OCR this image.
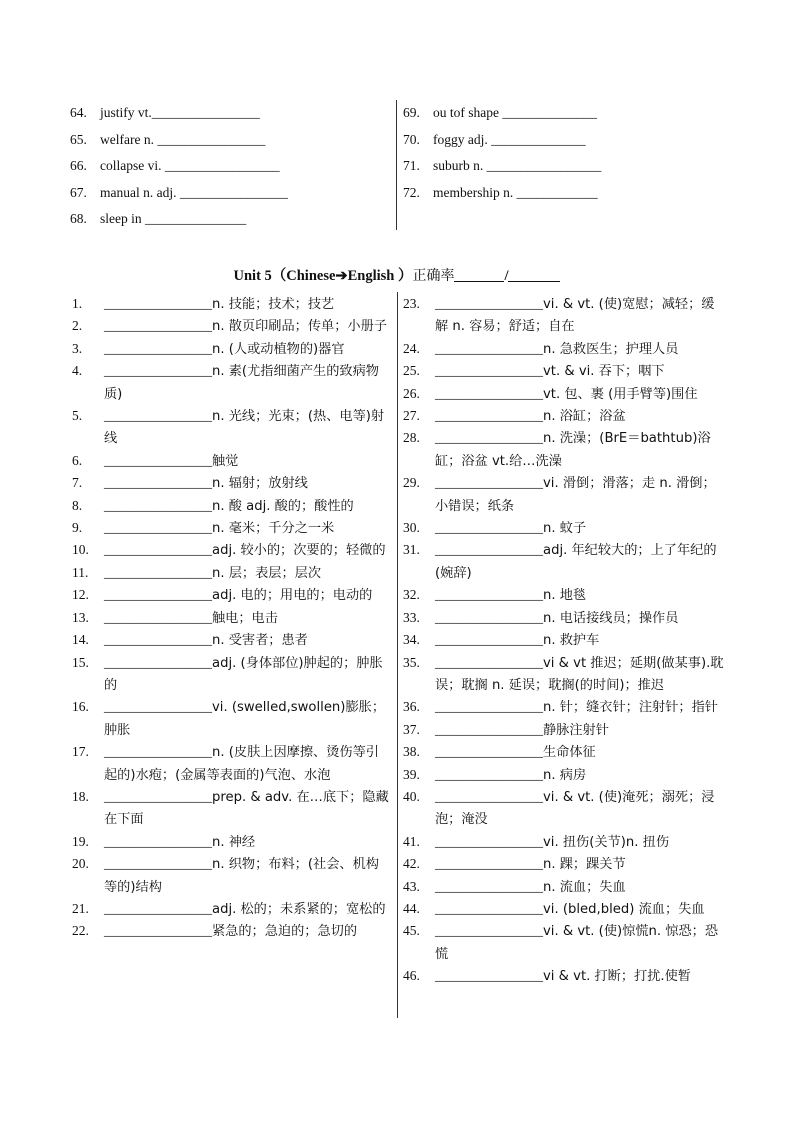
64. justify vt.________________
65. welfare n. ________________
66. collapse vi. _________________
67. manual n. adj. ________________
68. sleep in _______________
69. ou tof shape ______________
70. foggy adj. ______________
71. suburb n. _________________
72. membership n. ____________
Unit 5（Chinese➔English ）正确率	/
1. ________________n. 技能；技术；技艺
2. ________________n. 散页印刷品；传单；小册子
3. ________________n. (人或动植物的)器官
4. ________________n. 素(尤指细菌产生的致病物质)
5. ________________n. 光线；光束；(热、电等)射线
6. ________________触觉
7. ________________n. 辐射；放射线
8. ________________n. 酸 adj. 酸的；酸性的
9. ________________n. 毫米；千分之一米
10. ________________adj. 较小的；次要的；轻微的
11. ________________n. 层；表层；层次
12. ________________adj. 电的；用电的；电动的
13. ________________触电；电击
14. ________________n. 受害者；患者
15. ________________adj. (身体部位)肿起的；肿胀的
16. ________________vi. (swelled,swollen)膨胀；肿胀
17. ________________n. (皮肤上因摩擦、烫伤等引起的)水疱；(金属等表面的)气泡、水泡
18. ________________prep. & adv. 在…底下；隐藏在下面
19. ________________n. 神经
20. ________________n. 织物；布料；(社会、机构等的)结构
21. ________________adj. 松的；未系紧的；宽松的
22. ________________紧急的；急迫的；急切的
23. ________________vi. & vt. (使)宽慰；减轻；缓解 n. 容易；舒适；自在
24. ________________n. 急救医生；护理人员
25. ________________vt. & vi. 吞下；咽下
26. ________________vt. 包、裹 (用手臂等)围住
27. ________________n. 浴缸；浴盆
28. ________________n. 洗澡；(BrE＝bathtub)浴缸；浴盆 vt.给…洗澡
29. ________________vi. 滑倒；滑落；走 n. 滑倒；小错误；纸条
30. ________________n. 蚊子
31. ________________adj. 年纪较大的；上了年纪的(婉辞)
32. ________________n. 地毯
33. ________________n. 电话接线员；操作员
34. ________________n. 救护车
35. ________________vi & vt 推迟；延期(做某事).耽误；耽搁 n. 延误；耽搁(的时间)；推迟
36. ________________n. 针；缝衣针；注射针；指针
37. ________________静脉注射针
38. ________________生命体征
39. ________________n. 病房
40. ________________vi. & vt. (使)淹死；溺死；浸泡；淹没
41. ________________vi. 扭伤(关节)n. 扭伤
42. ________________n. 踝；踝关节
43. ________________n. 流血；失血
44. ________________vi. (bled,bled) 流血；失血
45. ________________vi. & vt. (使)惊慌n. 惊恐；恐慌
46. ________________vi & vt. 打断；打扰.使暂
